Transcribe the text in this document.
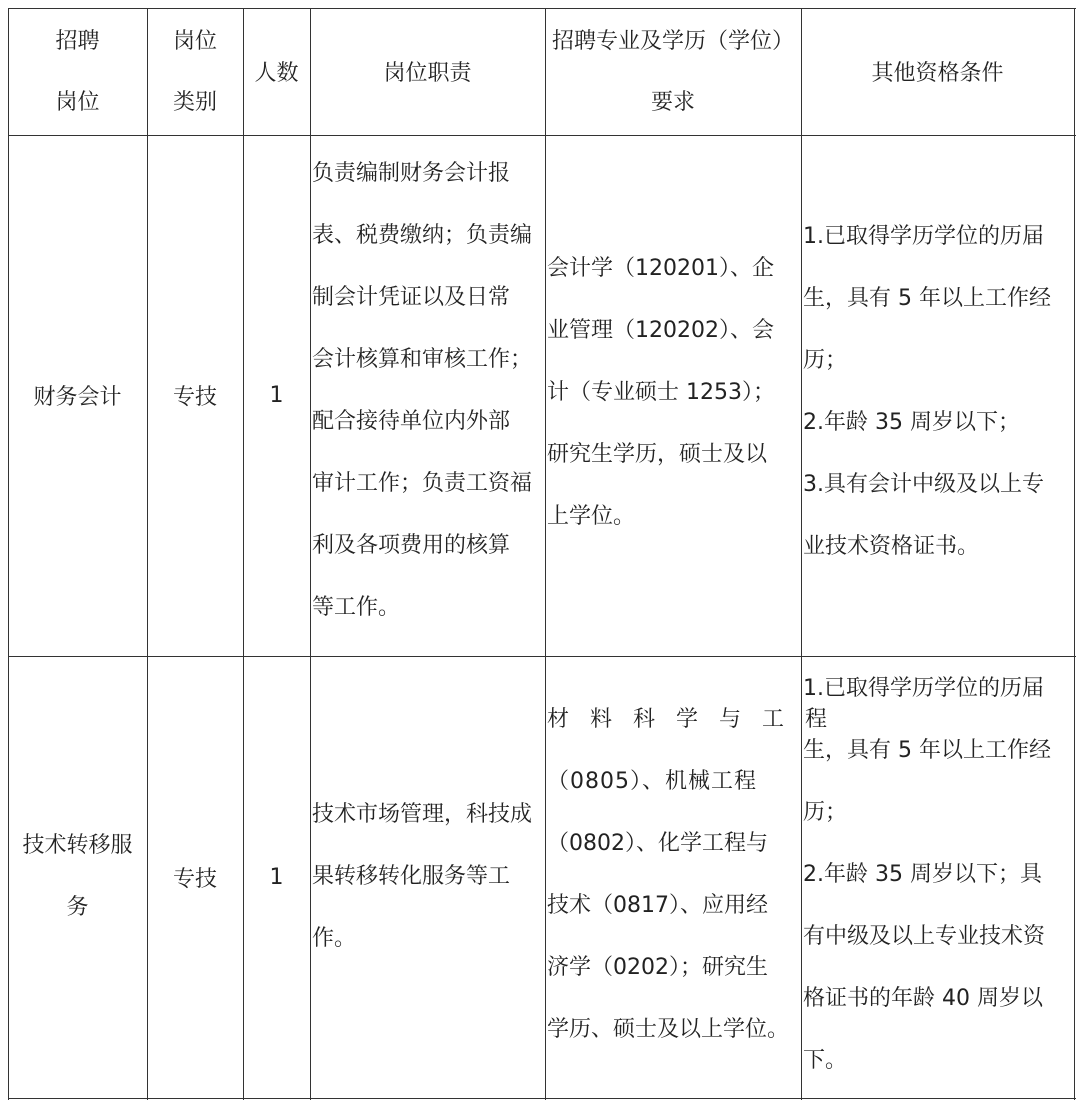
招聘
岗位
岗位
类别
人数	岗位职责
招聘专业及学历（学位）
要求
其他资格条件
财务会计 专技 1
负责编制财务会计报
表、税费缴纳；负责编
制会计凭证以及日常
会计核算和审核工作；
配合接待单位内外部
审计工作；负责工资福
利及各项费用的核算
等工作。
会计学（120201）、企
业管理（120202）、会
计（专业硕士 1253）；
研究生学历，硕士及以
上学位。
1.已取得学历学位的历届
生，具有 5 年以上工作经
历；
2.年龄 35 周岁以下；
3.具有会计中级及以上专
业技术资格证书。
技术转移服
务
专技 1
技术市场管理，科技成
果转移转化服务等工
作。
材 料 科 学 与 工 程
（0805）、机械工程
（0802）、化学工程与
技术（0817）、应用经
济学（0202）；研究生
学历、硕士及以上学位。
1.已取得学历学位的历届
生，具有 5 年以上工作经
历；
2.年龄 35 周岁以下；具
有中级及以上专业技术资
格证书的年龄 40 周岁以
下。
